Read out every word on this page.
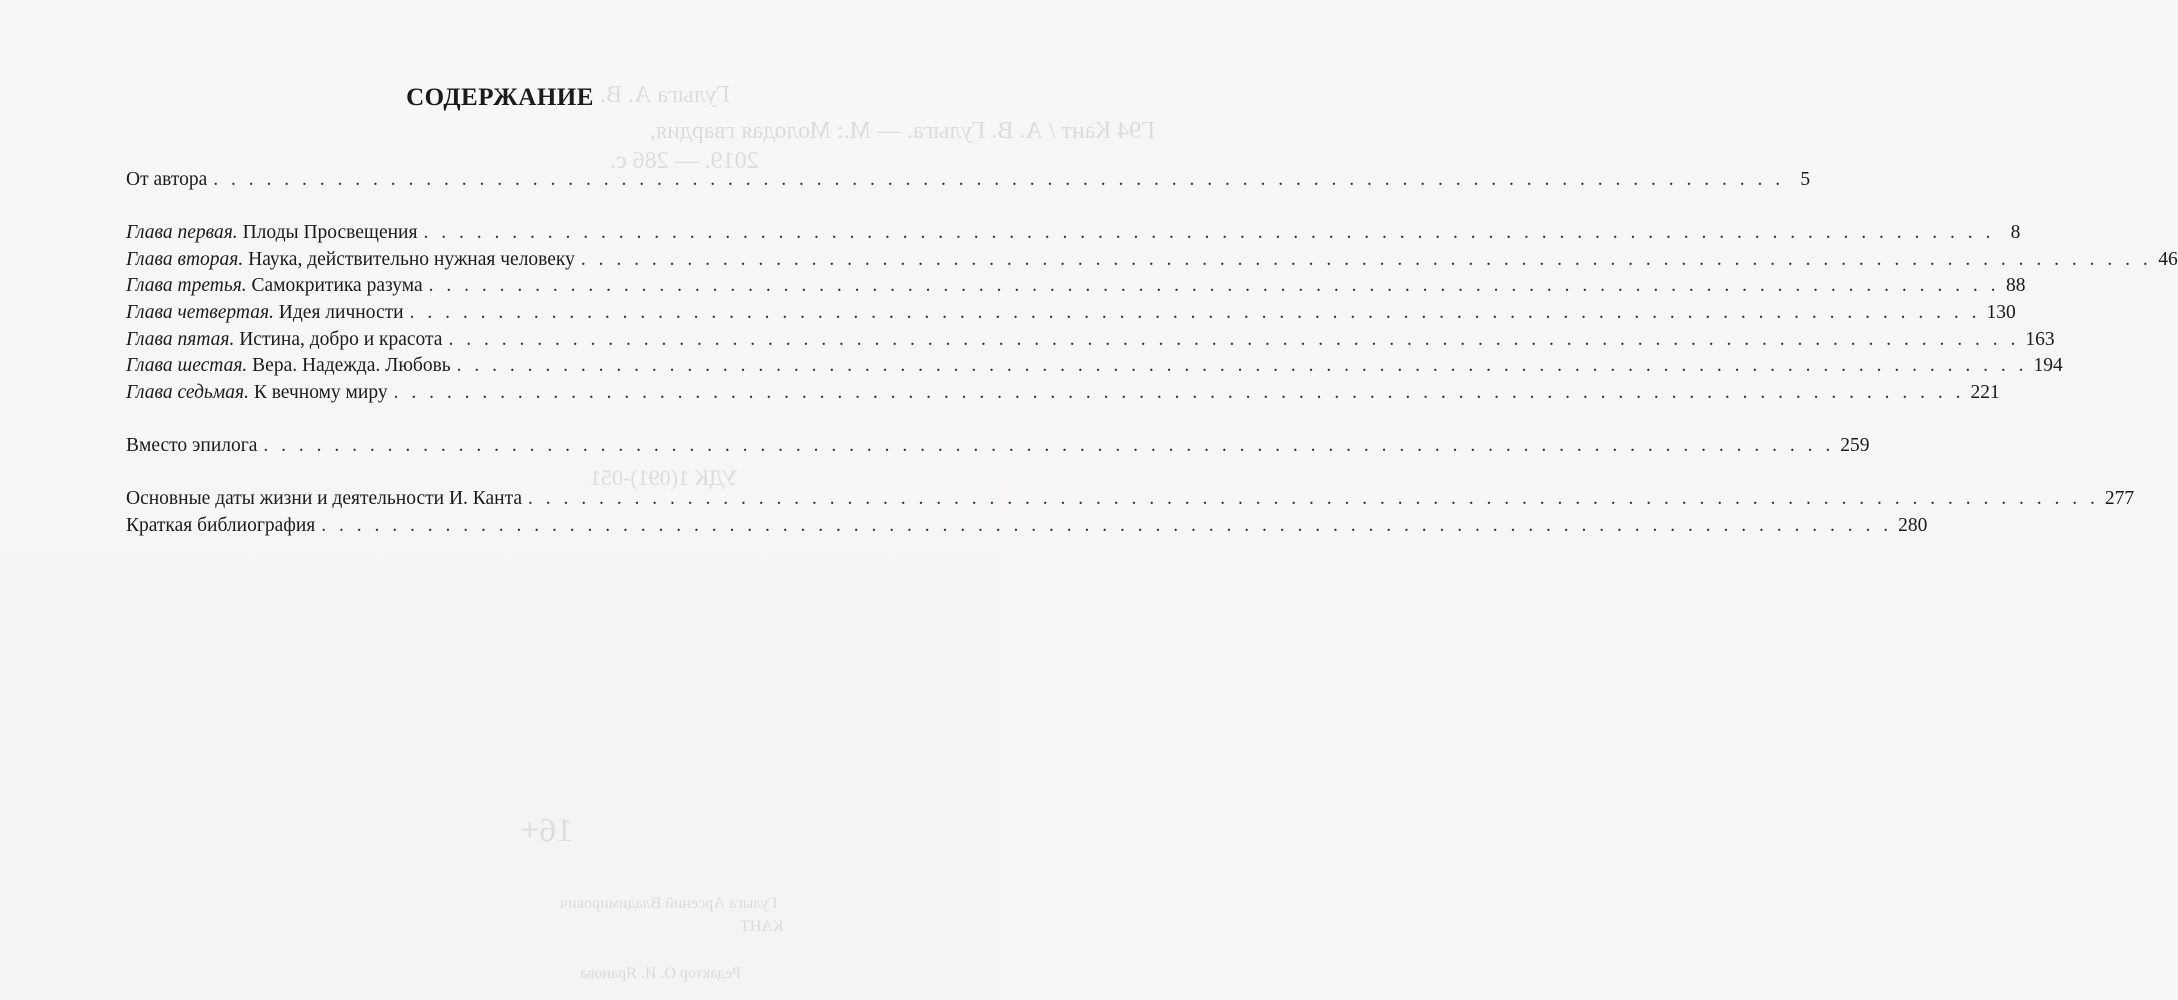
Гулыга А. В.
Г94 Кант / А. В. Гулыга. — М.: Молодая гвардия,
2019. — 286 с.
УДК 1(091)-051
16+
Гулыга Арсений Владимирович
КАНТ
Редактор О. И. Яранова
СОДЕРЖАНИЕ
От автора . . .	5
Глава первая. Плоды Просвещения . . .	8
Глава вторая. Наука, действительно нужная человеку . . .	46
Глава третья. Самокритика разума . . .	88
Глава четвертая. Идея личности . . .	130
Глава пятая. Истина, добро и красота . . .	163
Глава шестая. Вера. Надежда. Любовь . . .	194
Глава седьмая. К вечному миру . . .	221
Вместо эпилога . . .	259
Основные даты жизни и деятельности И. Канта . . .	277
Краткая библиография . . .	280
